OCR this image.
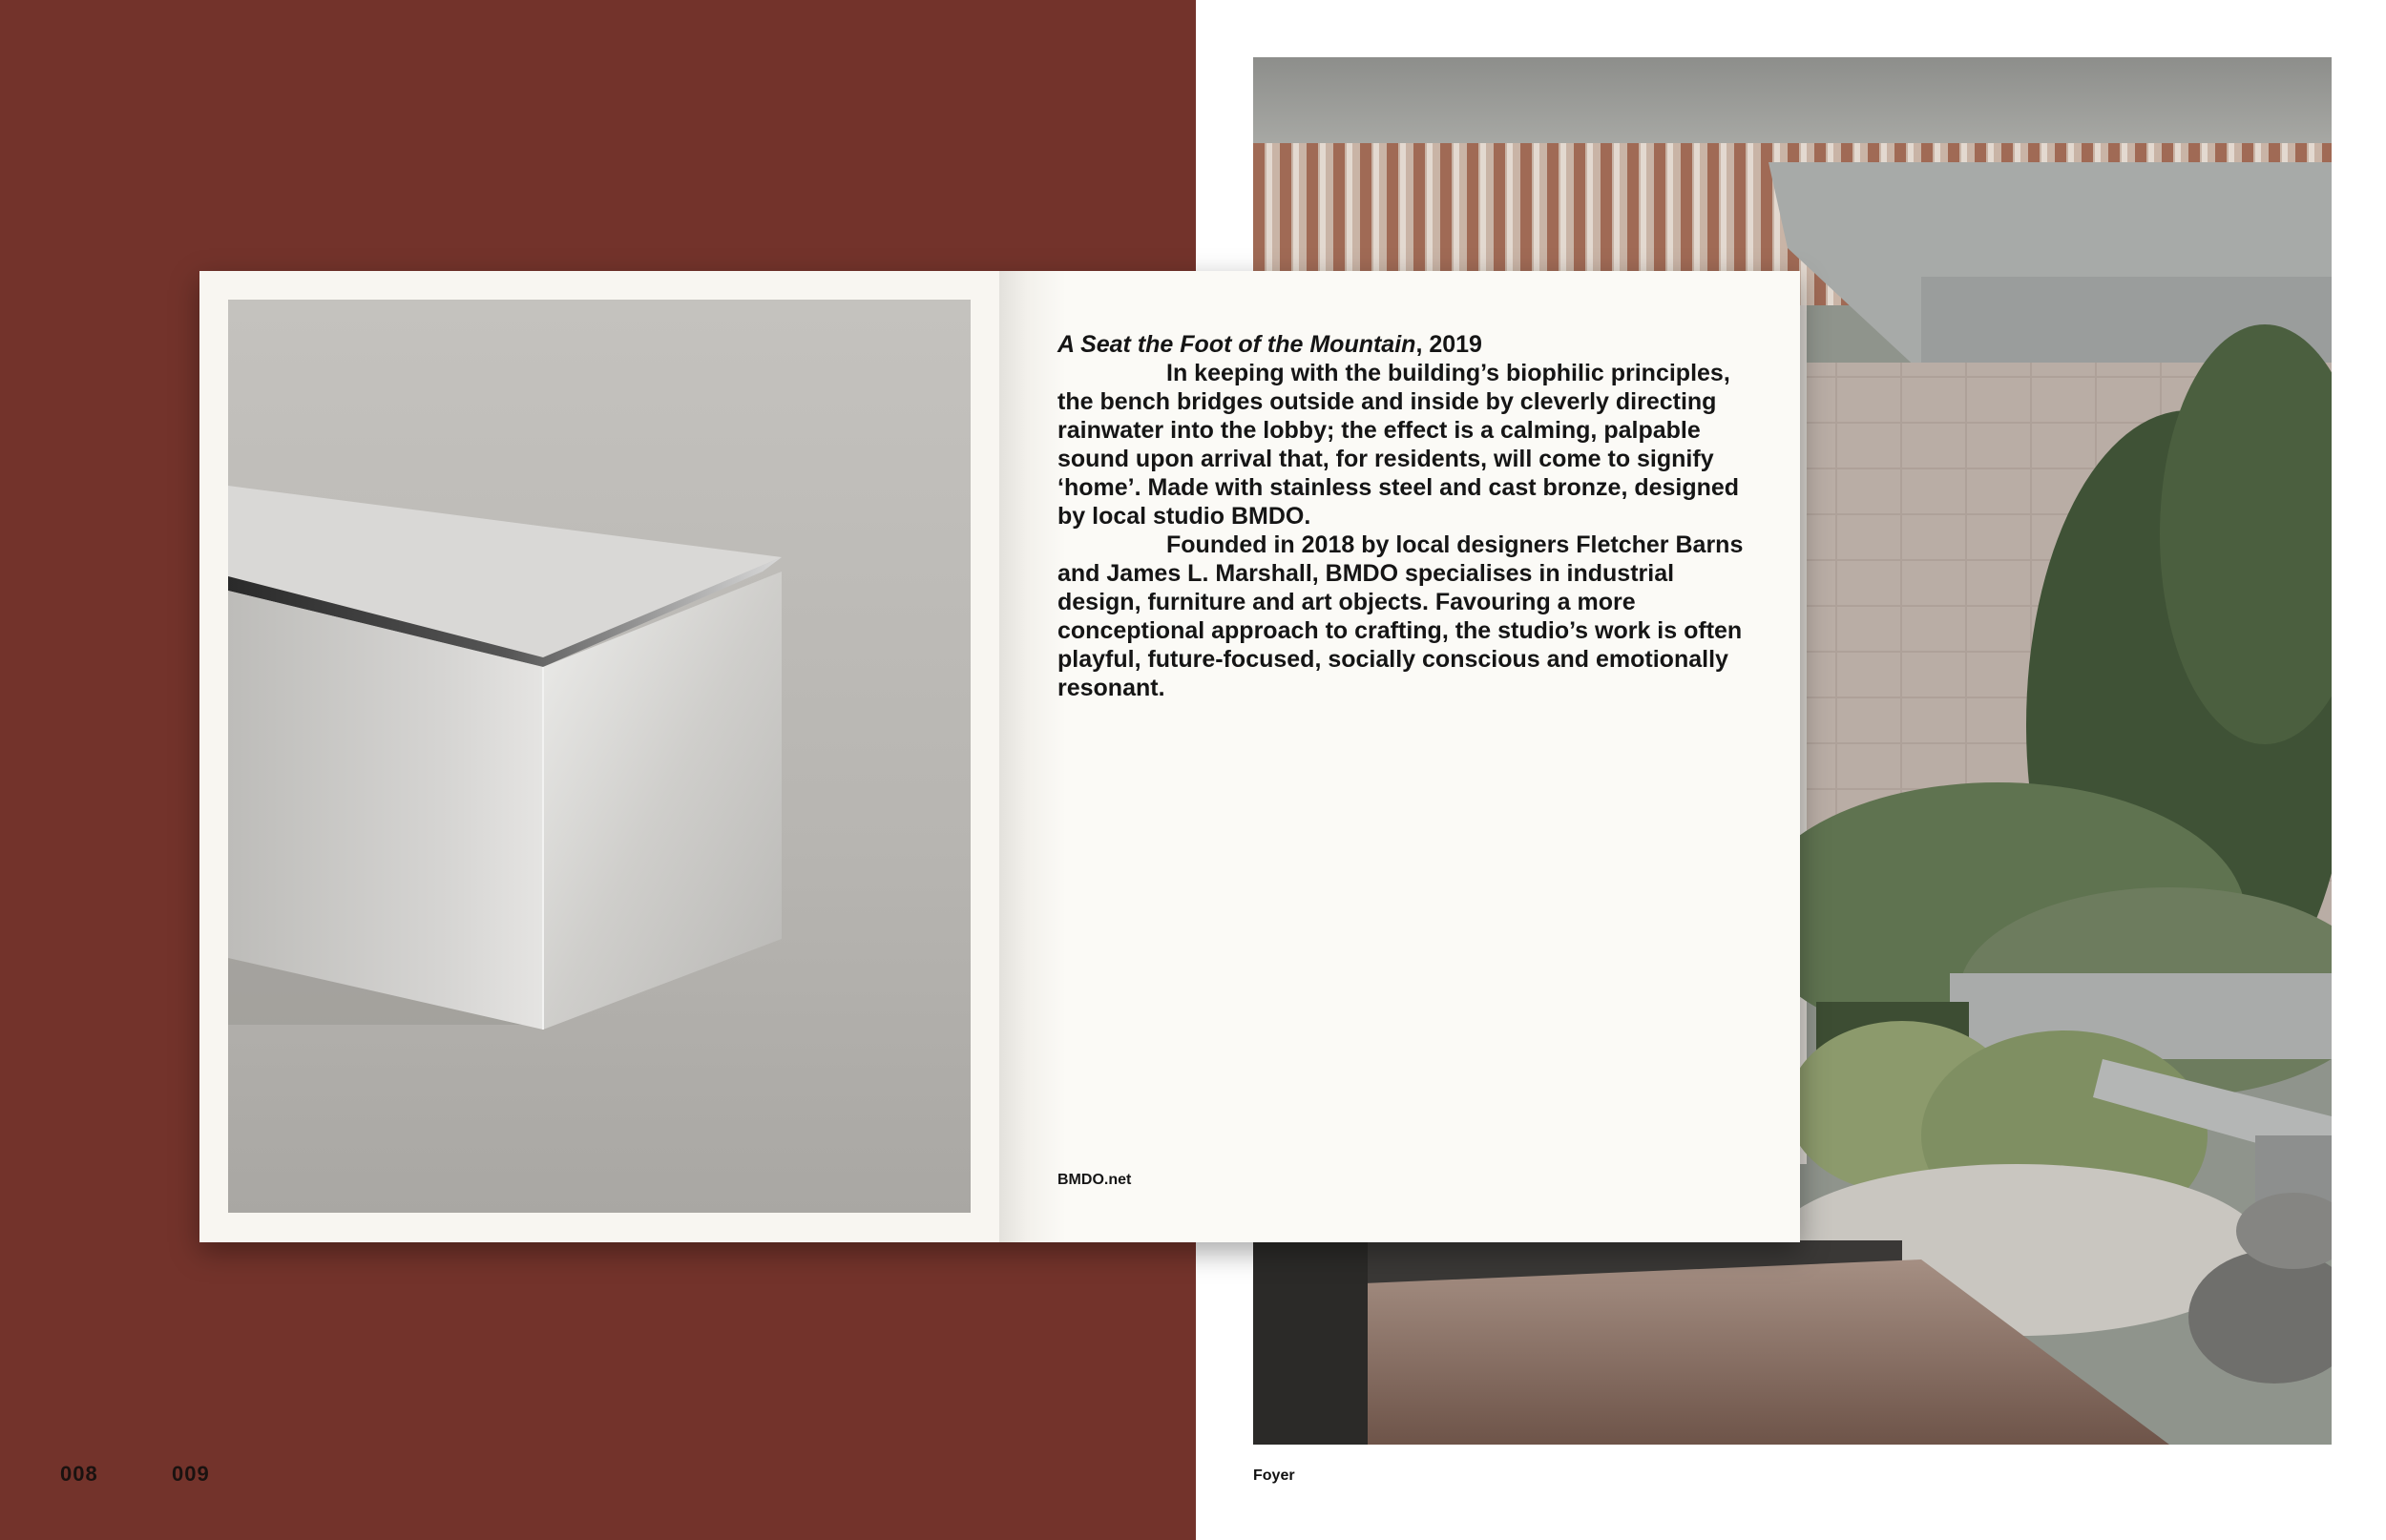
008	009	Foyer

A Seat the Foot of the Mountain, 2019

In keeping with the building’s biophilic principles, the bench bridges outside and inside by cleverly directing rainwater into the lobby; the effect is a calming, palpable sound upon arrival that, for residents, will come to signify ‘home’. Made with stainless steel and cast bronze, designed by local studio BMDO.

Founded in 2018 by local designers Fletcher Barns and James L. Marshall, BMDO specialises in industrial design, furniture and art objects. Favouring a more conceptional approach to crafting, the studio’s work is often playful, future-focused, socially conscious and emotionally resonant.

BMDO.net
